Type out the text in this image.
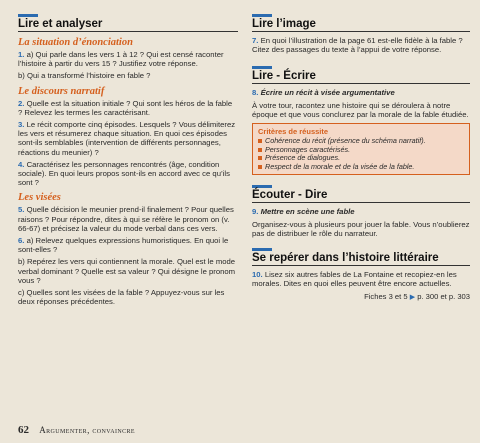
Lire et analyser
La situation d’énonciation

1. a) Qui parle dans les vers 1 à 12 ? Qui est censé raconter l’histoire à partir du vers 15 ? Justifiez votre réponse.

b) Qui a transformé l’histoire en fable ?

Le discours narratif

2. Quelle est la situation initiale ? Qui sont les héros de la fable ? Relevez les termes les caractérisant.

3. Le récit comporte cinq épisodes. Lesquels ? Vous délimiterez les vers et résumerez chaque situation. En quoi ces épisodes sont-ils semblables (intervention de différents personnages, réactions du meunier) ?

4. Caractérisez les personnages rencontrés (âge, condition sociale). En quoi leurs propos sont-ils en accord avec ce qu’ils sont ?

Les visées

5. Quelle décision le meunier prend-il finalement ? Pour quelles raisons ? Pour répondre, dites à qui se réfère le pronom on (v. 66-67) et précisez la valeur du mode verbal dans ces vers.

6. a) Relevez quelques expressions humoristiques. En quoi le sont-elles ?

b) Repérez les vers qui contiennent la morale. Quel est le mode verbal dominant ? Quelle est sa valeur ? Qui désigne le pronom vous ?

c) Quelles sont les visées de la fable ? Appuyez-vous sur les deux réponses précédentes.

Lire l’image

7. En quoi l’illustration de la page 61 est-elle fidèle à la fable ? Citez des passages du texte à l’appui de votre réponse.

Lire - Écrire

8. Écrire un récit à visée argumentative

À votre tour, racontez une histoire qui se déroulera à notre époque et que vous conclurez par la morale de la fable étudiée.

Critères de réussite
Cohérence du récit (présence du schéma narratif).
Personnages caractérisés.
Présence de dialogues.
Respect de la morale et de la visée de la fable.
Écouter - Dire

9. Mettre en scène une fable

Organisez-vous à plusieurs pour jouer la fable. Vous n’oublierez pas de distribuer le rôle du narrateur.

Se repérer dans l’histoire littéraire

10. Lisez six autres fables de La Fontaine et recopiez-en les morales. Dites en quoi elles peuvent être encore actuelles.

Fiches 3 et 5 ▶ p. 300 et p. 303
62 Argumenter, convaincre
